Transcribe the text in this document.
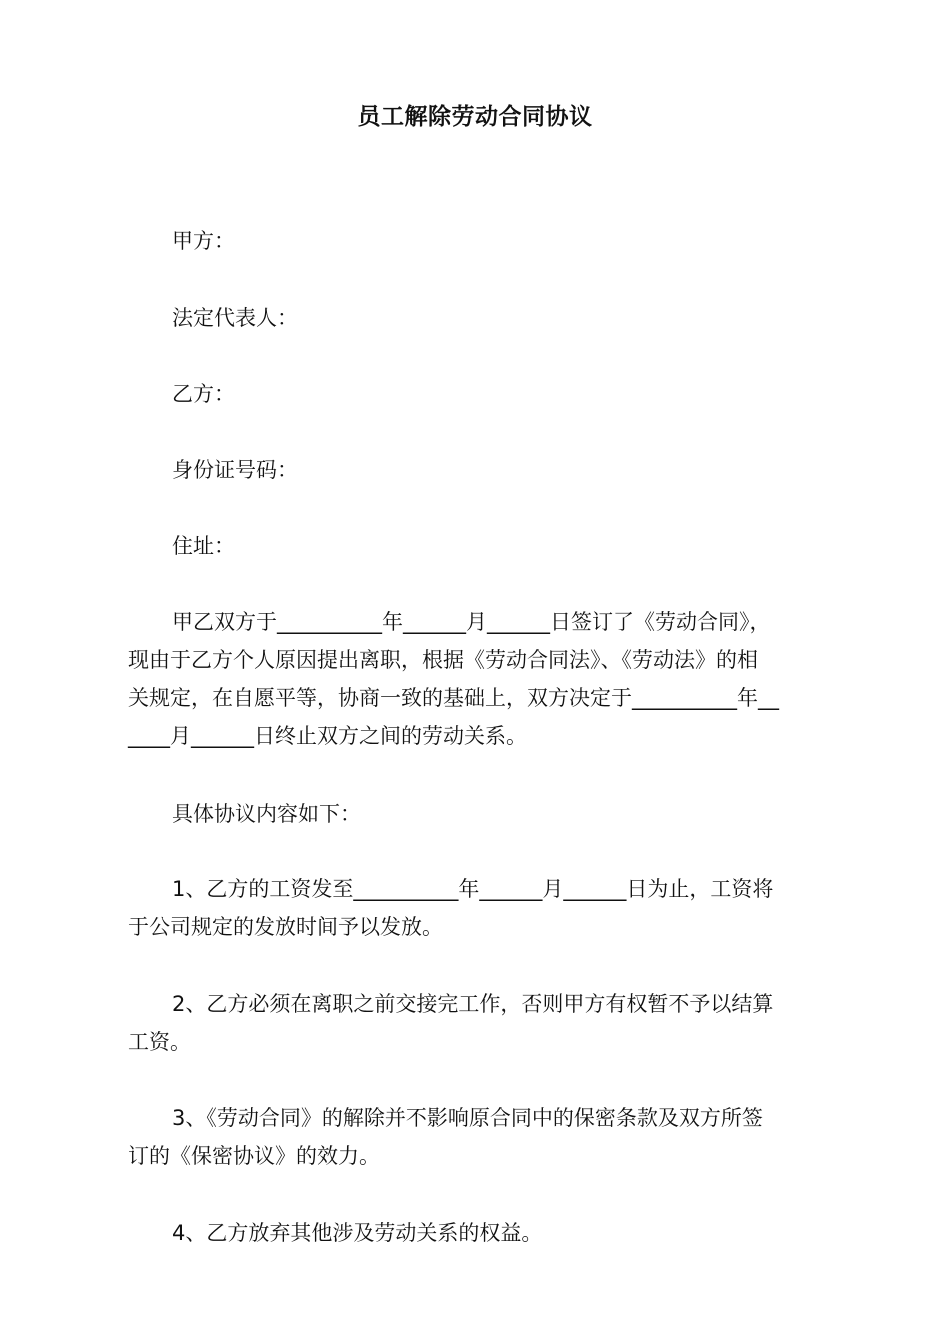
员工解除劳动合同协议
甲方：
法定代表人：
乙方：
身份证号码：
住址：
甲乙双方于__________年______月______日签订了《劳动合同》，
现由于乙方个人原因提出离职，根据《劳动合同法》、《劳动法》的相
关规定，在自愿平等，协商一致的基础上，双方决定于__________年__
____月______日终止双方之间的劳动关系。
具体协议内容如下：
1、乙方的工资发至__________年______月______日为止，工资将
于公司规定的发放时间予以发放。
2、乙方必须在离职之前交接完工作，否则甲方有权暂不予以结算
工资。
3、《劳动合同》的解除并不影响原合同中的保密条款及双方所签
订的《保密协议》的效力。
4、乙方放弃其他涉及劳动关系的权益。
